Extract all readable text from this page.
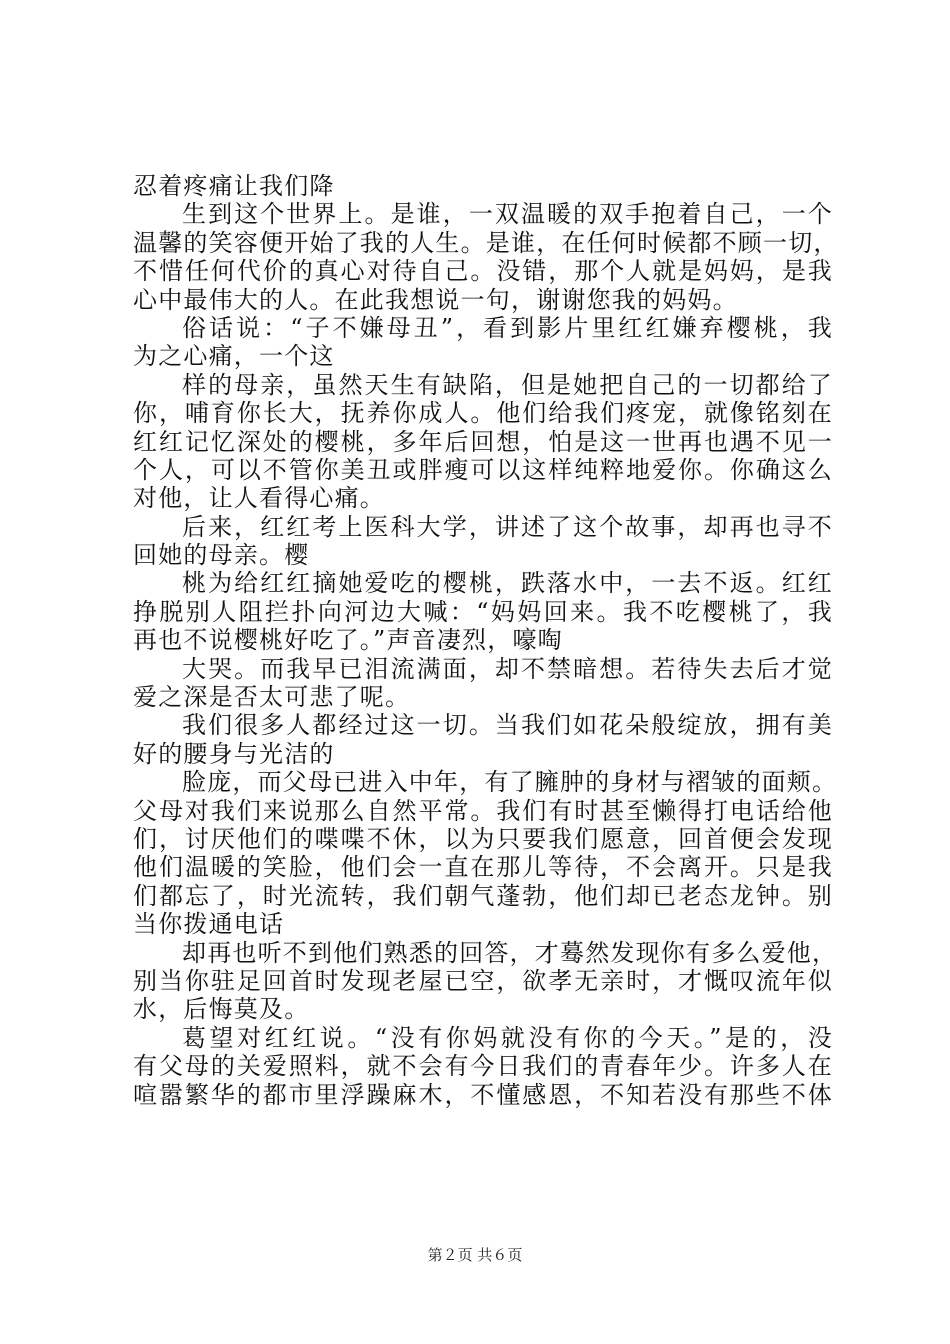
忍着疼痛让我们降
生到这个世界上。是谁，一双温暖的双手抱着自己，一个
温馨的笑容便开始了我的人生。是谁，在任何时候都不顾一切，
不惜任何代价的真心对待自己。没错，那个人就是妈妈，是我
心中最伟大的人。在此我想说一句，谢谢您我的妈妈。
俗话说：“子不嫌母丑”，看到影片里红红嫌弃樱桃，我
为之心痛，一个这
样的母亲，虽然天生有缺陷，但是她把自己的一切都给了
你，哺育你长大，抚养你成人。他们给我们疼宠，就像铭刻在
红红记忆深处的樱桃，多年后回想，怕是这一世再也遇不见一
个人，可以不管你美丑或胖瘦可以这样纯粹地爱你。你确这么
对他，让人看得心痛。
后来，红红考上医科大学，讲述了这个故事，却再也寻不
回她的母亲。樱
桃为给红红摘她爱吃的樱桃，跌落水中，一去不返。红红
挣脱别人阻拦扑向河边大喊：“妈妈回来。我不吃樱桃了，我
再也不说樱桃好吃了。”声音凄烈，嚎啕
大哭。而我早已泪流满面，却不禁暗想。若待失去后才觉
爱之深是否太可悲了呢。
我们很多人都经过这一切。当我们如花朵般绽放，拥有美
好的腰身与光洁的
脸庞，而父母已进入中年，有了臃肿的身材与褶皱的面颊。
父母对我们来说那么自然平常。我们有时甚至懒得打电话给他
们，讨厌他们的喋喋不休，以为只要我们愿意，回首便会发现
他们温暖的笑脸，他们会一直在那儿等待，不会离开。只是我
们都忘了，时光流转，我们朝气蓬勃，他们却已老态龙钟。别
当你拨通电话
却再也听不到他们熟悉的回答，才蓦然发现你有多么爱他，
别当你驻足回首时发现老屋已空，欲孝无亲时，才慨叹流年似
水，后悔莫及。
葛望对红红说。“没有你妈就没有你的今天。”是的，没
有父母的关爱照料，就不会有今日我们的青春年少。许多人在
喧嚣繁华的都市里浮躁麻木，不懂感恩，不知若没有那些不体
第２页 共６页
